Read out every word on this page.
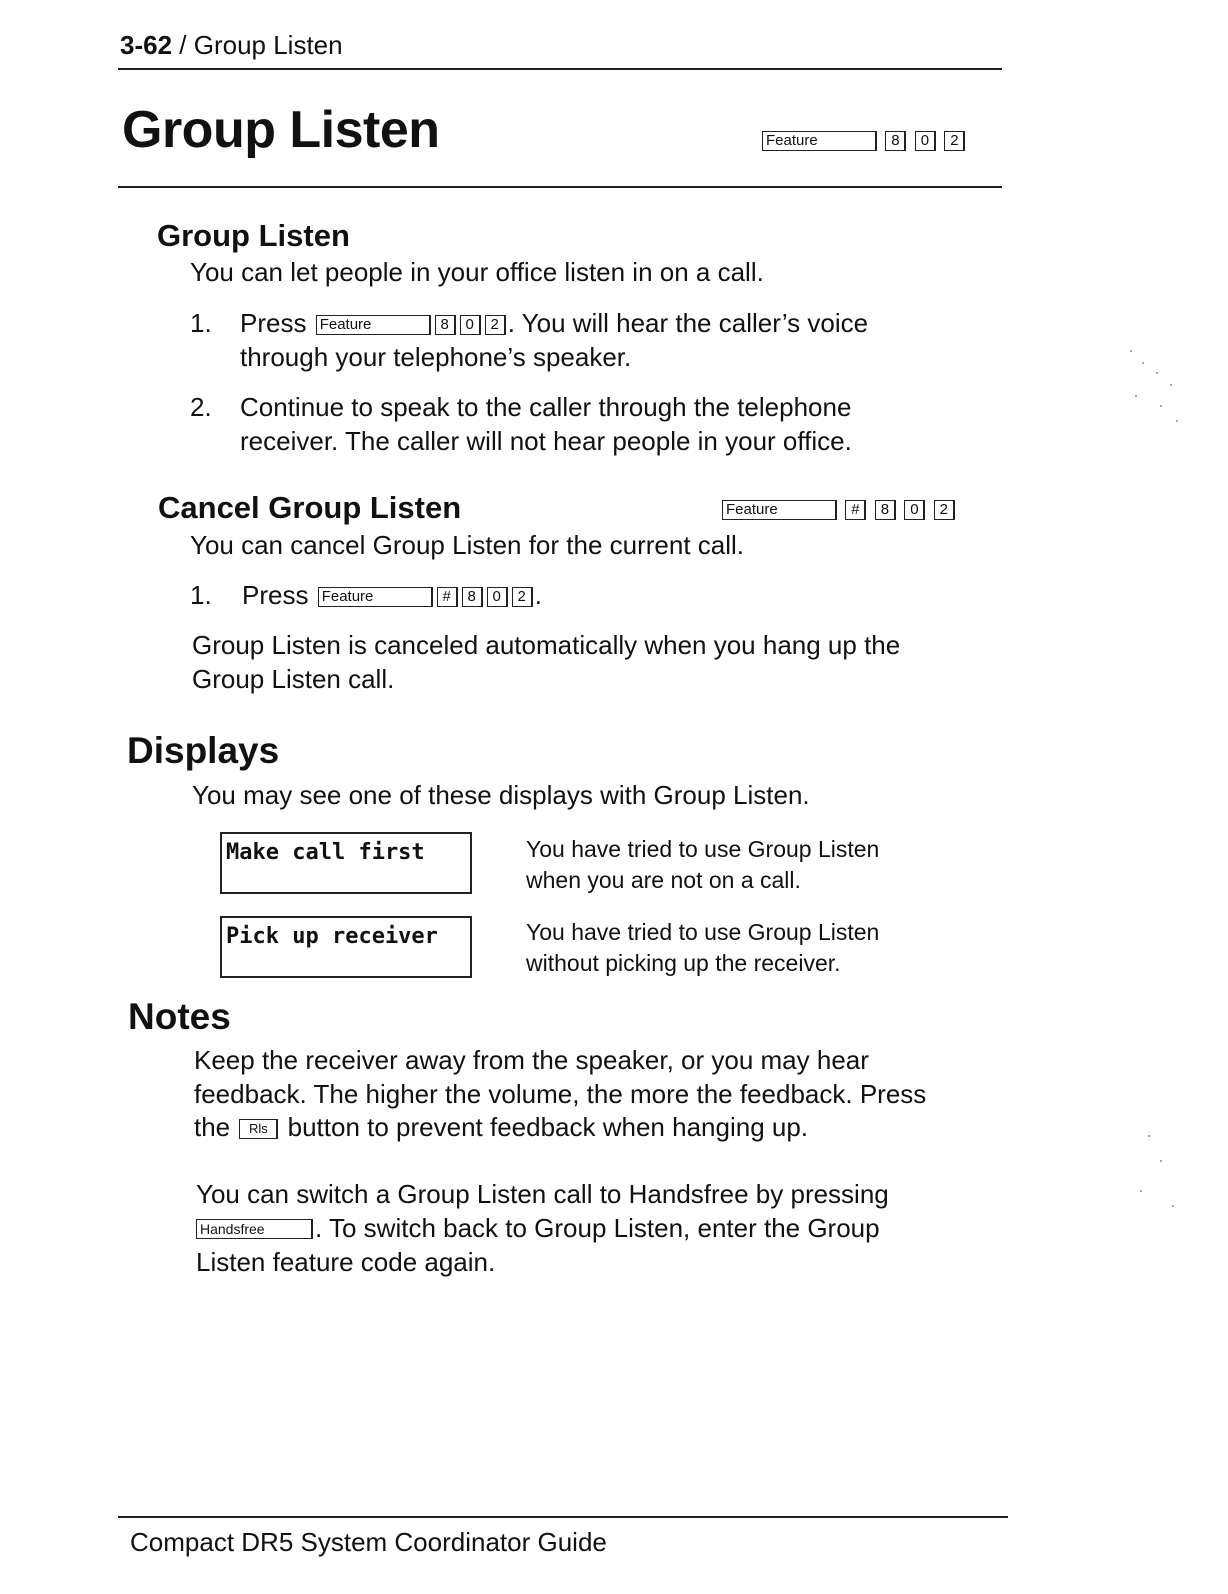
3-62 / Group Listen
Group Listen	Feature	8 0 2
Group Listen
You can let people in your office listen in on a call.
1. Press Feature	8 0 2 . You will hear the caller’s voice
through your telephone’s speaker.
2. Continue to speak to the caller through the telephone
receiver. The caller will not hear people in your office.
Cancel Group Listen	Feature	# 8 0 2
You can cancel Group Listen for the current call.
1. Press Feature	# 8 0 2 .
Group Listen is canceled automatically when you hang up the
Group Listen call.
Displays
You may see one of these displays with Group Listen.
Make call first	You have tried to use Group Listen
when you are not on a call.
Pick up receiver	You have tried to use Group Listen
without picking up the receiver.
Notes
Keep the receiver away from the speaker, or you may hear
feedback. The higher the volume, the more the feedback. Press
the Rls button to prevent feedback when hanging up.
You can switch a Group Listen call to Handsfree by pressing
Handsfree . To switch back to Group Listen, enter the Group
Listen feature code again.
Compact DR5 System Coordinator Guide
